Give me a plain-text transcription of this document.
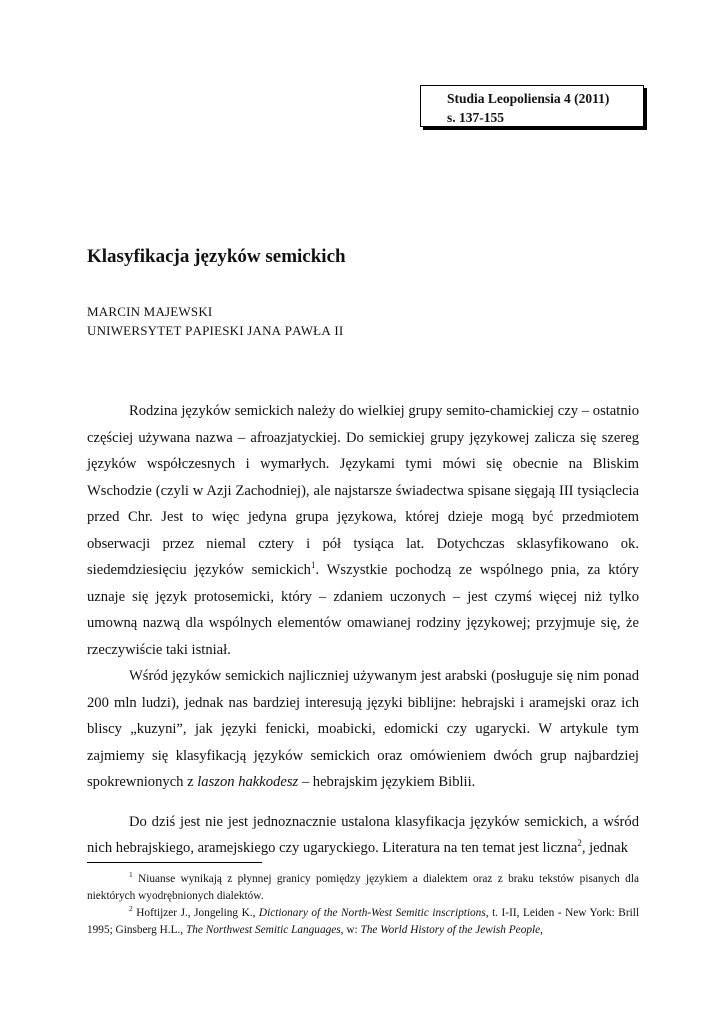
Studia Leopoliensia 4 (2011)
s. 137-155
Klasyfikacja języków semickich
MARCIN MAJEWSKI
UNIWERSYTET PAPIESKI JANA PAWŁA II

Rodzina języków semickich należy do wielkiej grupy semito-chamickiej czy – ostatnio częściej używana nazwa – afroazjatyckiej. Do semickiej grupy językowej zalicza się szereg języków współczesnych i wymarłych. Językami tymi mówi się obecnie na Bliskim Wschodzie (czyli w Azji Zachodniej), ale najstarsze świadectwa spisane sięgają III tysiąclecia przed Chr. Jest to więc jedyna grupa językowa, której dzieje mogą być przedmiotem obserwacji przez niemal cztery i pół tysiąca lat. Dotychczas sklasyfikowano ok. siedemdziesięciu języków semickich$^1$. Wszystkie pochodzą ze wspólnego pnia, za który uznaje się język protosemicki, który – zdaniem uczonych – jest czymś więcej niż tylko umowną nazwą dla wspólnych elementów omawianej rodziny językowej; przyjmuje się, że rzeczywiście taki istniał.

Wśród języków semickich najliczniej używanym jest arabski (posługuje się nim ponad 200 mln ludzi), jednak nas bardziej interesują języki biblijne: hebrajski i aramejski oraz ich bliscy „kuzyni”, jak języki fenicki, moabicki, edomicki czy ugarycki. W artykule tym zajmiemy się klasyfikacją języków semickich oraz omówieniem dwóch grup najbardziej spokrewnionych z laszon hakkodesz – hebrajskim językiem Biblii.

Do dziś jest nie jest jednoznacznie ustalona klasyfikacja języków semickich, a wśród nich hebrajskiego, aramejskiego czy ugaryckiego. Literatura na ten temat jest liczna$^2$, jednak

$^1$ Niuanse wynikają z płynnej granicy pomiędzy językiem a dialektem oraz z braku tekstów pisanych dla niektórych wyodrębnionych dialektów.

$^2$ Hoftijzer J., Jongeling K., Dictionary of the North-West Semitic inscriptions, t. I-II, Leiden - New York: Brill 1995; Ginsberg H.L., The Northwest Semitic Languages, w: The World History of the Jewish People,
